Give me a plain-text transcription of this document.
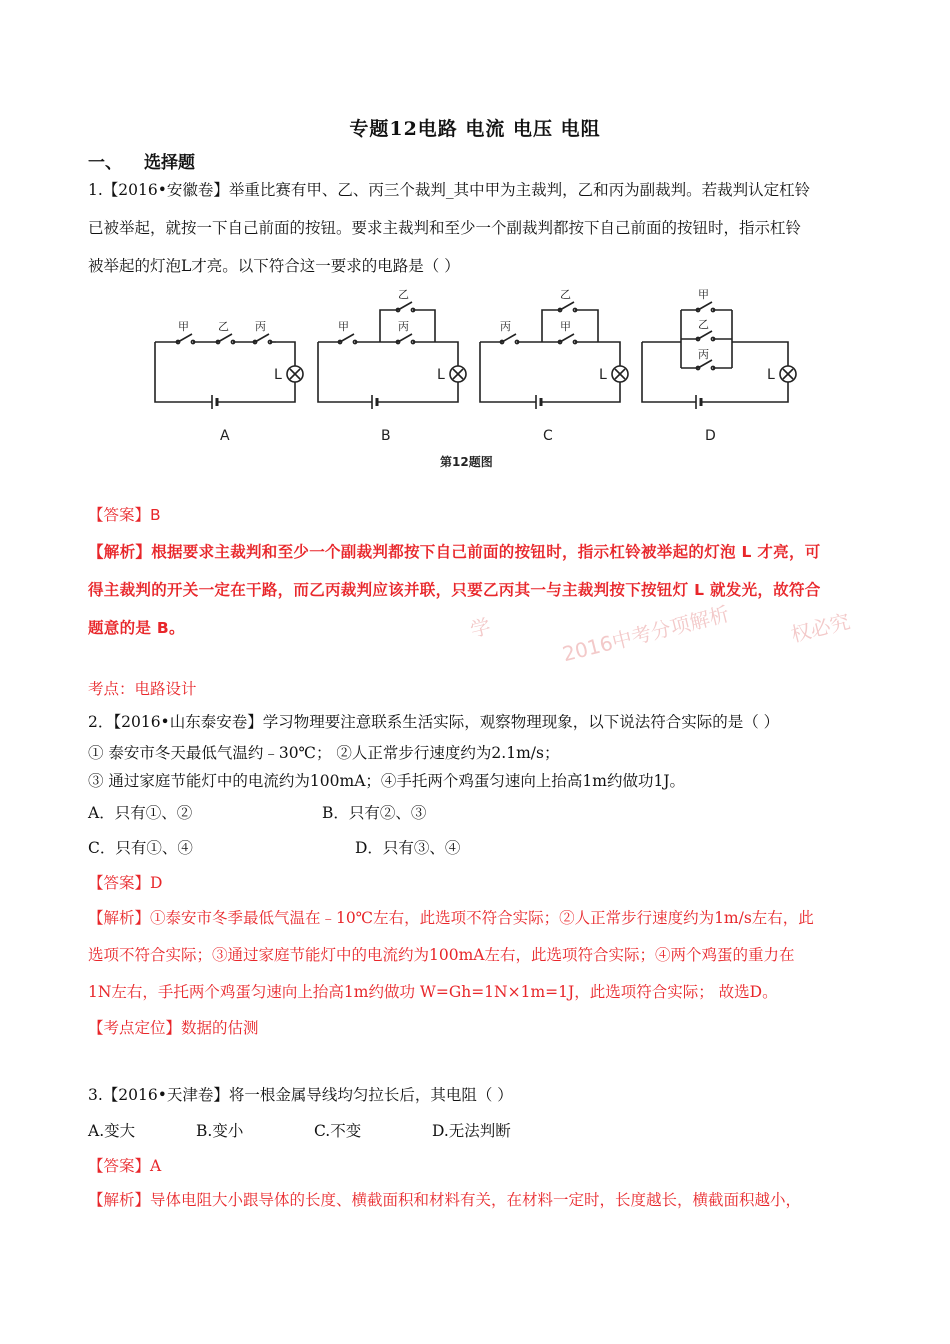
专题12电路 电流 电压 电阻
一、 选择题
1.【2016•安徽卷】举重比赛有甲、乙、丙三个裁判_其中甲为主裁判，乙和丙为副裁判。若裁判认定杠铃
已被举起，就按一下自己前面的按钮。要求主裁判和至少一个副裁判都按下自己前面的按钮时，指示杠铃
被举起的灯泡L才亮。以下符合这一要求的电路是（ ）
甲	乙 丙	甲
乙
丙	丙
乙
甲
甲
乙
丙
L	L	L	L
A	B	C	D
第12题图
【答案】B
【解析】根据要求主裁判和至少一个副裁判都按下自己前面的按钮时，指示杠铃被举起的灯泡 L 才亮，可
得主裁判的开关一定在干路，而乙丙裁判应该并联，只要乙丙其一与主裁判按下按钮灯 L 就发光，故符合
题意的是 B。	学	2016中考分项解析	权必究
考点：电路设计
2．【2016•山东泰安卷】学习物理要注意联系生活实际，观察物理现象，以下说法符合实际的是（ ）
① 泰安市冬天最低气温约﹣30℃； ②人正常步行速度约为2.1m/s；
③ 通过家庭节能灯中的电流约为100mA；④手托两个鸡蛋匀速向上抬高1m约做功1J。
A．只有①、②	B．只有②、③
C．只有①、④	D．只有③、④
【答案】D
【解析】①泰安市冬季最低气温在﹣10℃左右，此选项不符合实际；②人正常步行速度约为1m/s左右，此
选项不符合实际；③通过家庭节能灯中的电流约为100mA左右，此选项符合实际；④两个鸡蛋的重力在
1N左右，手托两个鸡蛋匀速向上抬高1m约做功 W=Gh=1N×1m=1J，此选项符合实际； 故选D。
【考点定位】数据的估测
3.【2016•天津卷】将一根金属导线均匀拉长后，其电阻（ ）
A.变大	B.变小	C.不变	D.无法判断
【答案】A
【解析】导体电阻大小跟导体的长度、横截面积和材料有关，在材料一定时，长度越长，横截面积越小，
